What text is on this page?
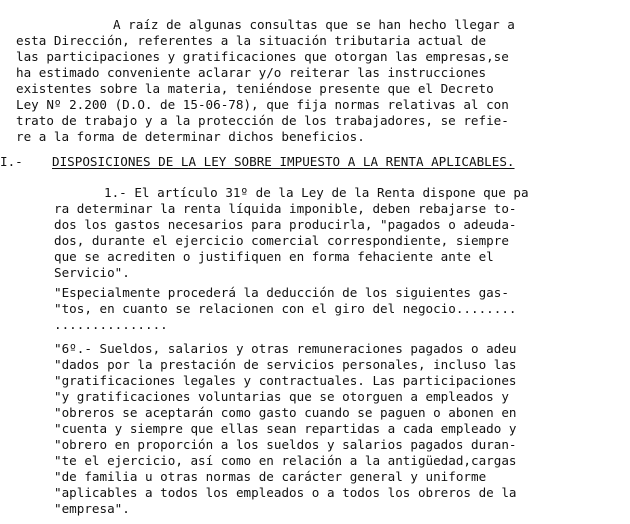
A raíz de algunas consultas que se han hecho llegar a
esta Dirección, referentes a la situación tributaria actual de
las participaciones y gratificaciones que otorgan las empresas,se
ha estimado conveniente aclarar y/o reiterar las instrucciones
existentes sobre la materia, teniéndose presente que el Decreto
Ley Nº 2.200 (D.O. de 15-06-78), que fija normas relativas al con
trato de trabajo y a la protección de los trabajadores, se refie-
re a la forma de determinar dichos beneficios.

I.-

DISPOSICIONES DE LA LEY SOBRE IMPUESTO A LA RENTA APLICABLES.

1.- El artículo 31º de la Ley de la Renta dispone que pa
ra determinar la renta líquida imponible, deben rebajarse to-
dos los gastos necesarios para producirla, "pagados o adeuda-
dos, durante el ejercicio comercial correspondiente, siempre
que se acrediten o justifiquen en forma fehaciente ante el
Servicio".
"Especialmente procederá la deducción de los siguientes gas-
"tos, en cuanto se relacionen con el giro del negocio........
...............
"6º.- Sueldos, salarios y otras remuneraciones pagados o adeu
"dados por la prestación de servicios personales, incluso las
"gratificaciones legales y contractuales. Las participaciones
"y gratificaciones voluntarias que se otorguen a empleados y
"obreros se aceptarán como gasto cuando se paguen o abonen en
"cuenta y siempre que ellas sean repartidas a cada empleado y
"obrero en proporción a los sueldos y salarios pagados duran-
"te el ejercicio, así como en relación a la antigüedad,cargas
"de familia u otras normas de carácter general y uniforme
"aplicables a todos los empleados o a todos los obreros de la
"empresa".
